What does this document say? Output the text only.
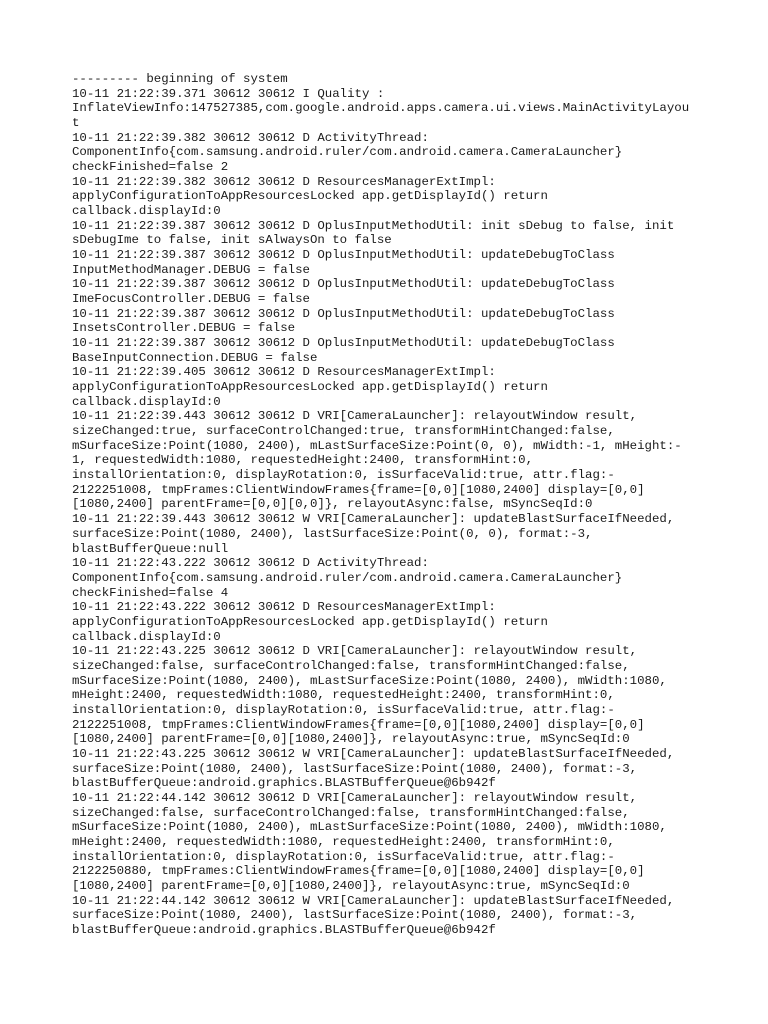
--------- beginning of system
10-11 21:22:39.371 30612 30612 I Quality :
InflateViewInfo:147527385,com.google.android.apps.camera.ui.views.MainActivityLayou
t
10-11 21:22:39.382 30612 30612 D ActivityThread:
ComponentInfo{com.samsung.android.ruler/com.android.camera.CameraLauncher}
checkFinished=false 2
10-11 21:22:39.382 30612 30612 D ResourcesManagerExtImpl:
applyConfigurationToAppResourcesLocked app.getDisplayId() return
callback.displayId:0
10-11 21:22:39.387 30612 30612 D OplusInputMethodUtil: init sDebug to false, init
sDebugIme to false, init sAlwaysOn to false
10-11 21:22:39.387 30612 30612 D OplusInputMethodUtil: updateDebugToClass
InputMethodManager.DEBUG = false
10-11 21:22:39.387 30612 30612 D OplusInputMethodUtil: updateDebugToClass
ImeFocusController.DEBUG = false
10-11 21:22:39.387 30612 30612 D OplusInputMethodUtil: updateDebugToClass
InsetsController.DEBUG = false
10-11 21:22:39.387 30612 30612 D OplusInputMethodUtil: updateDebugToClass
BaseInputConnection.DEBUG = false
10-11 21:22:39.405 30612 30612 D ResourcesManagerExtImpl:
applyConfigurationToAppResourcesLocked app.getDisplayId() return
callback.displayId:0
10-11 21:22:39.443 30612 30612 D VRI[CameraLauncher]: relayoutWindow result,
sizeChanged:true, surfaceControlChanged:true, transformHintChanged:false,
mSurfaceSize:Point(1080, 2400), mLastSurfaceSize:Point(0, 0), mWidth:-1, mHeight:-
1, requestedWidth:1080, requestedHeight:2400, transformHint:0,
installOrientation:0, displayRotation:0, isSurfaceValid:true, attr.flag:-
2122251008, tmpFrames:ClientWindowFrames{frame=[0,0][1080,2400] display=[0,0]
[1080,2400] parentFrame=[0,0][0,0]}, relayoutAsync:false, mSyncSeqId:0
10-11 21:22:39.443 30612 30612 W VRI[CameraLauncher]: updateBlastSurfaceIfNeeded,
surfaceSize:Point(1080, 2400), lastSurfaceSize:Point(0, 0), format:-3,
blastBufferQueue:null
10-11 21:22:43.222 30612 30612 D ActivityThread:
ComponentInfo{com.samsung.android.ruler/com.android.camera.CameraLauncher}
checkFinished=false 4
10-11 21:22:43.222 30612 30612 D ResourcesManagerExtImpl:
applyConfigurationToAppResourcesLocked app.getDisplayId() return
callback.displayId:0
10-11 21:22:43.225 30612 30612 D VRI[CameraLauncher]: relayoutWindow result,
sizeChanged:false, surfaceControlChanged:false, transformHintChanged:false,
mSurfaceSize:Point(1080, 2400), mLastSurfaceSize:Point(1080, 2400), mWidth:1080,
mHeight:2400, requestedWidth:1080, requestedHeight:2400, transformHint:0,
installOrientation:0, displayRotation:0, isSurfaceValid:true, attr.flag:-
2122251008, tmpFrames:ClientWindowFrames{frame=[0,0][1080,2400] display=[0,0]
[1080,2400] parentFrame=[0,0][1080,2400]}, relayoutAsync:true, mSyncSeqId:0
10-11 21:22:43.225 30612 30612 W VRI[CameraLauncher]: updateBlastSurfaceIfNeeded,
surfaceSize:Point(1080, 2400), lastSurfaceSize:Point(1080, 2400), format:-3,
blastBufferQueue:android.graphics.BLASTBufferQueue@6b942f
10-11 21:22:44.142 30612 30612 D VRI[CameraLauncher]: relayoutWindow result,
sizeChanged:false, surfaceControlChanged:false, transformHintChanged:false,
mSurfaceSize:Point(1080, 2400), mLastSurfaceSize:Point(1080, 2400), mWidth:1080,
mHeight:2400, requestedWidth:1080, requestedHeight:2400, transformHint:0,
installOrientation:0, displayRotation:0, isSurfaceValid:true, attr.flag:-
2122250880, tmpFrames:ClientWindowFrames{frame=[0,0][1080,2400] display=[0,0]
[1080,2400] parentFrame=[0,0][1080,2400]}, relayoutAsync:true, mSyncSeqId:0
10-11 21:22:44.142 30612 30612 W VRI[CameraLauncher]: updateBlastSurfaceIfNeeded,
surfaceSize:Point(1080, 2400), lastSurfaceSize:Point(1080, 2400), format:-3,
blastBufferQueue:android.graphics.BLASTBufferQueue@6b942f
